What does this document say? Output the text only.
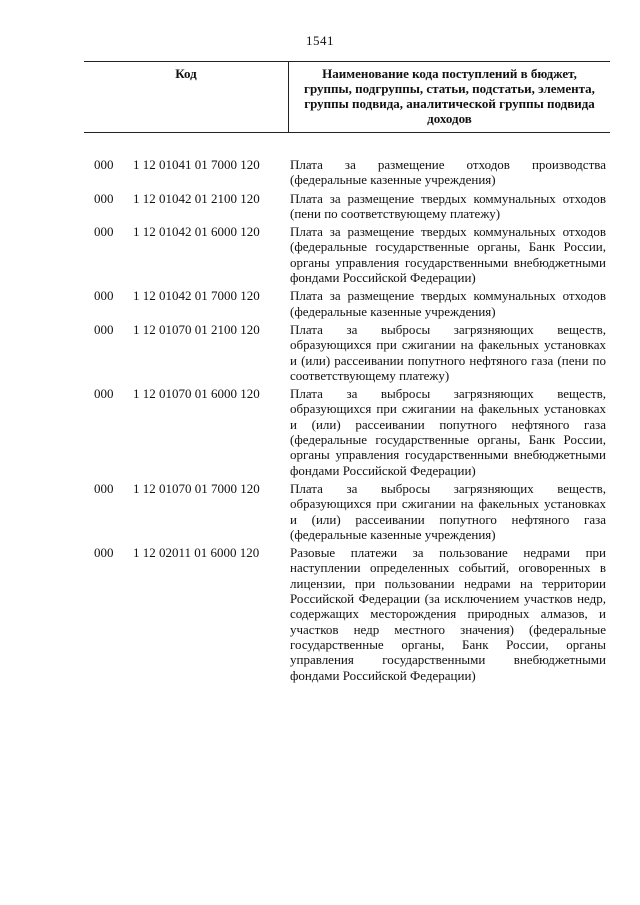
1541
Код	Наименование кода поступлений в бюджет, группы, подгруппы, статьи, подстатьи, элемента, группы подвида, аналитической группы подвида доходов
000	1 12 01041 01 7000 120	Плата за размещение отходов производства (федеральные казенные учреждения)
000	1 12 01042 01 2100 120	Плата за размещение твердых коммунальных отходов (пени по соответствующему платежу)
000	1 12 01042 01 6000 120	Плата за размещение твердых коммунальных отходов (федеральные государственные органы, Банк России, органы управления государственными внебюджетными фондами Российской Федерации)
000	1 12 01042 01 7000 120	Плата за размещение твердых коммунальных отходов (федеральные казенные учреждения)
000	1 12 01070 01 2100 120	Плата за выбросы загрязняющих веществ, образующихся при сжигании на факельных установках и (или) рассеивании попутного нефтяного газа (пени по соответствующему платежу)
000	1 12 01070 01 6000 120	Плата за выбросы загрязняющих веществ, образующихся при сжигании на факельных установках и (или) рассеивании попутного нефтяного газа (федеральные государственные органы, Банк России, органы управления государственными внебюджетными фондами Российской Федерации)
000	1 12 01070 01 7000 120	Плата за выбросы загрязняющих веществ, образующихся при сжигании на факельных установках и (или) рассеивании попутного нефтяного газа (федеральные казенные учреждения)
000	1 12 02011 01 6000 120	Разовые платежи за пользование недрами при наступлении определенных событий, оговоренных в лицензии, при пользовании недрами на территории Российской Федерации (за исключением участков недр, содержащих месторождения природных алмазов, и участков недр местного значения) (федеральные государственные органы, Банк России, органы управления государственными внебюджетными фондами Российской Федерации)
